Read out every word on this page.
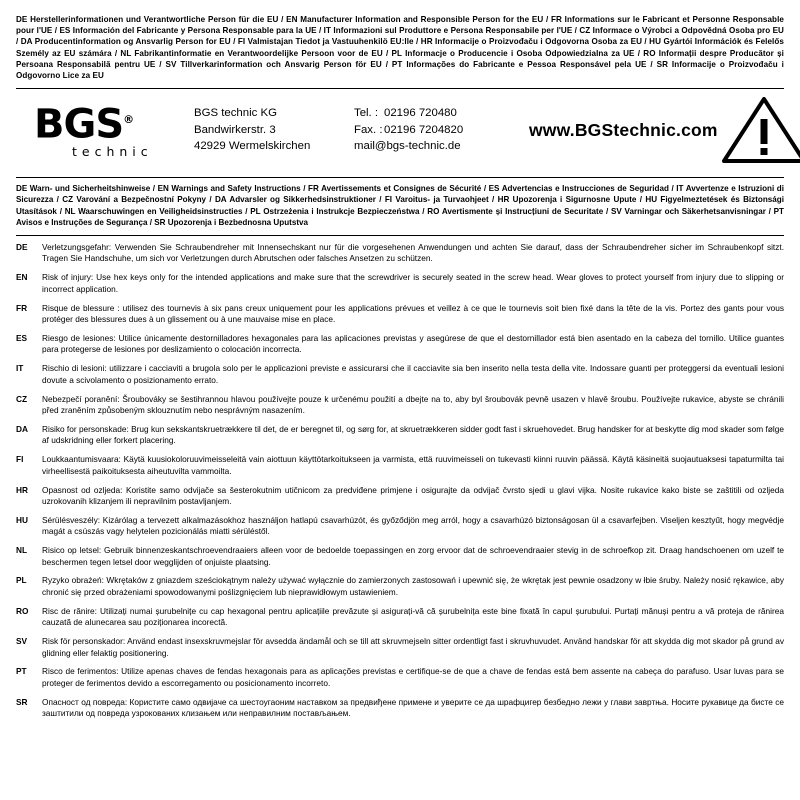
DE Herstellerinformationen und Verantwortliche Person für die EU / EN Manufacturer Information and Responsible Person for the EU / FR Informations sur le Fabricant et Personne Responsable pour l'UE / ES Información del Fabricante y Persona Responsable para la UE / IT Informazioni sul Produttore e Persona Responsabile per l'UE / CZ Informace o Výrobci a Odpovědná Osoba pro EU / DA Producentinformation og Ansvarlig Person for EU / FI Valmistajan Tiedot ja Vastuuhenkilö EU:lle / HR Informacije o Proizvođaču i Odgovorna Osoba za EU / HU Gyártói Információk és Felelős Személy az EU számára / NL Fabrikantinformatie en Verantwoordelijke Persoon voor de EU / PL Informacje o Producencie i Osoba Odpowiedzialna za UE / RO Informații despre Producător și Persoana Responsabilă pentru UE / SV Tillverkarinformation och Ansvarig Person för EU / PT Informações do Fabricante e Pessoa Responsável pela UE / SR Informacije o Proizvođaču i Odgovorno Lice za EU
BGS®
technic
BGS technic KG
Bandwirkerstr. 3
42929 Wermelskirchen
Tel. : 02196 720480
Fax. : 02196 7204820
mail@bgs-technic.de
www.BGStechnic.com
DE Warn- und Sicherheitshinweise / EN Warnings and Safety Instructions / FR Avertissements et Consignes de Sécurité / ES Advertencias e Instrucciones de Seguridad / IT Avvertenze e Istruzioni di Sicurezza / CZ Varování a Bezpečnostní Pokyny / DA Advarsler og Sikkerhedsinstruktioner / FI Varoitus- ja Turvaohjeet / HR Upozorenja i Sigurnosne Upute / HU Figyelmeztetések és Biztonsági Utasítások / NL Waarschuwingen en Veiligheidsinstructies / PL Ostrzeżenia i Instrukcje Bezpieczeństwa / RO Avertismente și Instrucțiuni de Securitate / SV Varningar och Säkerhetsanvisningar / PT Avisos e Instruções de Segurança / SR Upozorenja i Bezbednosna Uputstva
DE	Verletzungsgefahr: Verwenden Sie Schraubendreher mit Innensechskant nur für die vorgesehenen Anwendungen und achten Sie darauf, dass der Schraubendreher sicher im Schraubenkopf sitzt. Tragen Sie Handschuhe, um sich vor Verletzungen durch Abrutschen oder falsches Ansetzen zu schützen.
EN	Risk of injury: Use hex keys only for the intended applications and make sure that the screwdriver is securely seated in the screw head. Wear gloves to protect yourself from injury due to slipping or incorrect application.
FR	Risque de blessure : utilisez des tournevis à six pans creux uniquement pour les applications prévues et veillez à ce que le tournevis soit bien fixé dans la tête de la vis. Portez des gants pour vous protéger des blessures dues à un glissement ou à une mauvaise mise en place.
ES	Riesgo de lesiones: Utilice únicamente destornilladores hexagonales para las aplicaciones previstas y asegúrese de que el destornillador está bien asentado en la cabeza del tornillo. Utilice guantes para protegerse de lesiones por deslizamiento o colocación incorrecta.
IT	Rischio di lesioni: utilizzare i cacciaviti a brugola solo per le applicazioni previste e assicurarsi che il cacciavite sia ben inserito nella testa della vite. Indossare guanti per proteggersi da eventuali lesioni dovute a scivolamento o posizionamento errato.
CZ	Nebezpečí poranění: Šroubováky se šestihrannou hlavou používejte pouze k určenému použití a dbejte na to, aby byl šroubovák pevně usazen v hlavě šroubu. Používejte rukavice, abyste se chránili před zraněním způsobeným sklouznutím nebo nesprávným nasazením.
DA	Risiko for personskade: Brug kun sekskantskruetrækkere til det, de er beregnet til, og sørg for, at skruetrækkeren sidder godt fast i skruehovedet. Brug handsker for at beskytte dig mod skader som følge af udskridning eller forkert placering.
FI	Loukkaantumisvaara: Käytä kuusiokoloruuvimeisseleitä vain aiottuun käyttötarkoitukseen ja varmista, että ruuvimeisseli on tukevasti kiinni ruuvin päässä. Käytä käsineitä suojautuaksesi tapaturmilta tai virheellisestä paikoituksesta aiheutuvilta vammoilta.
HR	Opasnost od ozljeda: Koristite samo odvijače sa šesterokutnim utičnicom za predviđene primjene i osigurajte da odvijač čvrsto sjedi u glavi vijka. Nosite rukavice kako biste se zaštitili od ozljeda uzrokovanih klizanjem ili nepravilnim postavljanjem.
HU	Sérülésveszély: Kizárólag a tervezett alkalmazásokhoz használjon hatlapú csavarhúzót, és győződjön meg arról, hogy a csavarhúzó biztonságosan ül a csavarfejben. Viseljen kesztyűt, hogy megvédje magát a csúszás vagy helytelen pozicionálás miatti sérüléstől.
NL	Risico op letsel: Gebruik binnenzeskantschroevendraaiers alleen voor de bedoelde toepassingen en zorg ervoor dat de schroevendraaier stevig in de schroefkop zit. Draag handschoenen om uzelf te beschermen tegen letsel door wegglijden of onjuiste plaatsing.
PL	Ryzyko obrażeń: Wkrętaków z gniazdem sześciokątnym należy używać wyłącznie do zamierzonych zastosowań i upewnić się, że wkrętak jest pewnie osadzony w łbie śruby. Należy nosić rękawice, aby chronić się przed obrażeniami spowodowanymi poślizgnięciem lub nieprawidłowym ustawieniem.
RO	Risc de rănire: Utilizați numai șurubelnițe cu cap hexagonal pentru aplicațiile prevăzute și asigurați-vă că șurubelnița este bine fixată în capul șurubului. Purtați mănuși pentru a vă proteja de rănirea cauzată de alunecarea sau poziționarea incorectă.
SV	Risk för personskador: Använd endast insexskruvmejslar för avsedda ändamål och se till att skruvmejseln sitter ordentligt fast i skruvhuvudet. Använd handskar för att skydda dig mot skador på grund av glidning eller felaktig positionering.
PT	Risco de ferimentos: Utilize apenas chaves de fendas hexagonais para as aplicações previstas e certifique-se de que a chave de fendas está bem assente na cabeça do parafuso. Usar luvas para se proteger de ferimentos devido a escorregamento ou posicionamento incorreto.
SR	Опасност од повреда: Користите само одвијаче са шестоугаоним наставком за предвиђене примене и уверите се да шрафцигер безбедно лежи у глави завртња. Носите рукавице да бисте се заштитили од повреда узрокованих клизањем или неправилним постављањем.
